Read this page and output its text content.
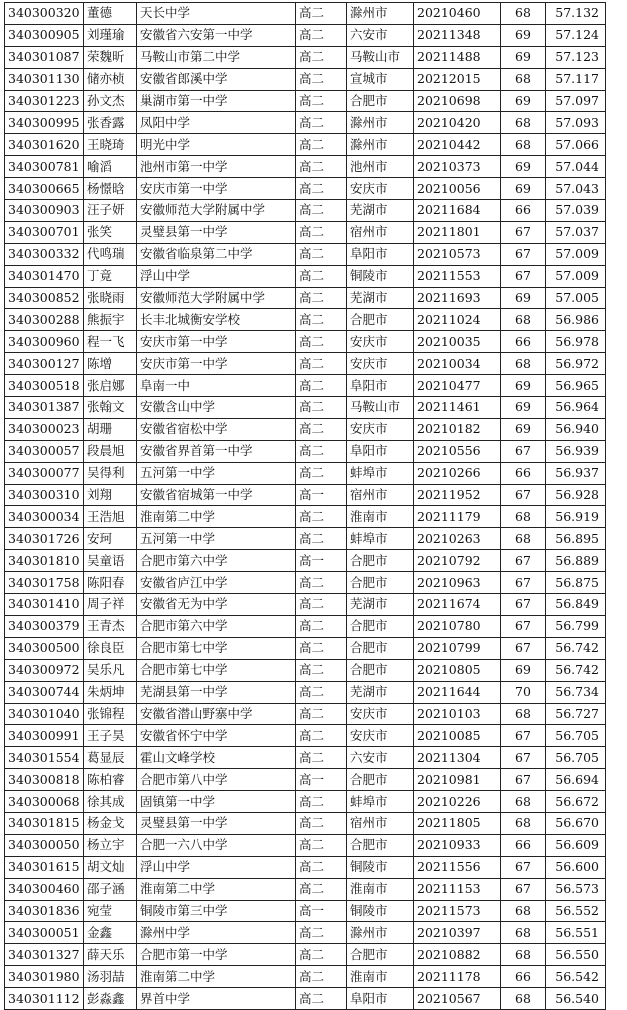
340300320	董德	天长中学	高二	滁州市	20210460	68	57.132
340300905	刘瑾瑜	安徽省六安第一中学	高二	六安市	20211348	69	57.124
340301087	荣魏昕	马鞍山市第二中学	高二	马鞍山市	20211488	69	57.123
340301130	储亦桢	安徽省郎溪中学	高二	宣城市	20212015	68	57.117
340301223	孙文杰	巢湖市第一中学	高二	合肥市	20210698	69	57.097
340300995	张香露	凤阳中学	高二	滁州市	20210420	68	57.093
340301620	王晓琦	明光中学	高二	滁州市	20210442	68	57.066
340300781	喻滔	池州市第一中学	高二	池州市	20210373	69	57.044
340300665	杨憬晗	安庆市第一中学	高二	安庆市	20210056	69	57.043
340300903	汪子妍	安徽师范大学附属中学	高二	芜湖市	20211684	66	57.039
340300701	张笑	灵璧县第一中学	高二	宿州市	20211801	67	57.037
340300332	代鸣瑞	安徽省临泉第二中学	高二	阜阳市	20210573	67	57.009
340301470	丁竟	浮山中学	高二	铜陵市	20211553	67	57.009
340300852	张晓雨	安徽师范大学附属中学	高二	芜湖市	20211693	69	57.005
340300288	熊振宇	长丰北城衡安学校	高二	合肥市	20211024	68	56.986
340300960	程一飞	安庆市第一中学	高二	安庆市	20210035	66	56.978
340300127	陈增	安庆市第一中学	高二	安庆市	20210034	68	56.972
340300518	张启娜	阜南一中	高二	阜阳市	20210477	69	56.965
340301387	张翰文	安徽含山中学	高二	马鞍山市	20211461	69	56.964
340300023	胡珊	安徽省宿松中学	高二	安庆市	20210182	69	56.940
340300057	段晨旭	安徽省界首第一中学	高二	阜阳市	20210556	67	56.939
340300077	吴得利	五河第一中学	高二	蚌埠市	20210266	66	56.937
340300310	刘翔	安徽省宿城第一中学	高一	宿州市	20211952	67	56.928
340300034	王浩旭	淮南第二中学	高二	淮南市	20211179	68	56.919
340301726	安珂	五河第一中学	高二	蚌埠市	20210263	68	56.895
340301810	吴童语	合肥市第六中学	高一	合肥市	20210792	67	56.889
340301758	陈阳春	安徽省庐江中学	高二	合肥市	20210963	67	56.875
340301410	周子祥	安徽省无为中学	高二	芜湖市	20211674	67	56.849
340300379	王青杰	合肥市第六中学	高二	合肥市	20210780	67	56.799
340300500	徐良臣	合肥市第七中学	高二	合肥市	20210799	67	56.742
340300972	吴乐凡	合肥市第七中学	高二	合肥市	20210805	69	56.742
340300744	朱炳坤	芜湖县第一中学	高二	芜湖市	20211644	70	56.734
340301040	张锦程	安徽省潜山野寨中学	高二	安庆市	20210103	68	56.727
340300991	王子昊	安徽省怀宁中学	高二	安庆市	20210085	67	56.705
340301554	葛显辰	霍山文峰学校	高二	六安市	20211304	67	56.705
340300818	陈柏睿	合肥市第八中学	高一	合肥市	20210981	67	56.694
340300068	徐其成	固镇第一中学	高二	蚌埠市	20210226	68	56.672
340301815	杨金戈	灵璧县第一中学	高二	宿州市	20211805	68	56.670
340300050	杨立宇	合肥一六八中学	高二	合肥市	20210933	66	56.609
340301615	胡文灿	浮山中学	高二	铜陵市	20211556	67	56.600
340300460	邵子涵	淮南第二中学	高二	淮南市	20211153	67	56.573
340301836	宛莹	铜陵市第三中学	高一	铜陵市	20211573	68	56.552
340300051	金鑫	滁州中学	高二	滁州市	20210397	68	56.551
340301327	薛天乐	合肥市第一中学	高二	合肥市	20210882	68	56.550
340301980	汤羽喆	淮南第二中学	高二	淮南市	20211178	66	56.542
340301112	彭淼鑫	界首中学	高二	阜阳市	20210567	68	56.540
